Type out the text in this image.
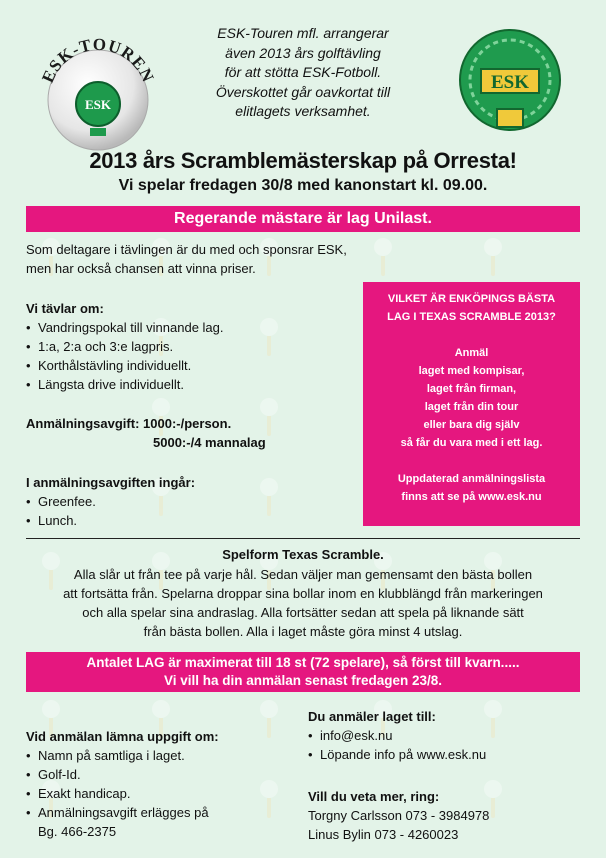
ESK
ESK-TOUREN
ESK-Touren mfl. arrangerar
även 2013 års golftävling
för att stötta ESK-Fotboll.
Överskottet går oavkortat till
elitlagets verksamhet.
ESK
2013 års Scramblemästerskap på Orresta!
Vi spelar fredagen 30/8 med kanonstart kl. 09.00.
Regerande mästare är lag Unilast.

Som deltagare i tävlingen är du med och sponsrar ESK,

men har också chansen att vinna priser.

Vi tävlar om:

• Vandringspokal till vinnande lag.
• 1:a, 2:a och 3:e lagpris.
• Korthålstävling individuellt.
• Längsta drive individuellt.

Anmälningsavgift: 1000:-/person.

5000:-/4 mannalag

I anmälningsavgiften ingår:

• Greenfee.
• Lunch.
VILKET ÄR ENKÖPINGS BÄSTA
LAG I TEXAS SCRAMBLE 2013?
Anmäl
laget med kompisar,
laget från firman,
laget från din tour
eller bara dig själv
så får du vara med i ett lag.
Uppdaterad anmälningslista
finns att se på www.esk.nu
Spelform Texas Scramble.
Alla slår ut från tee på varje hål. Sedan väljer man gemensamt den bästa bollen
att fortsätta från. Spelarna droppar sina bollar inom en klubblängd från markeringen
och alla spelar sina andraslag. Alla fortsätter sedan att spela på liknande sätt
från bästa bollen. Alla i laget måste göra minst 4 utslag.
Antalet LAG är maximerat till 18 st (72 spelare), så först till kvarn.....
Vi vill ha din anmälan senast fredagen 23/8.

Vid anmälan lämna uppgift om:

• Namn på samtliga i laget.
• Golf-Id.
• Exakt handicap.
• Anmälningsavgift erlägges på

Bg. 466-2375

Du anmäler laget till:

• info@esk.nu
• Löpande info på www.esk.nu

Vill du veta mer, ring:

Torgny Carlsson 073 - 3984978

Linus Bylin 073 - 4260023
